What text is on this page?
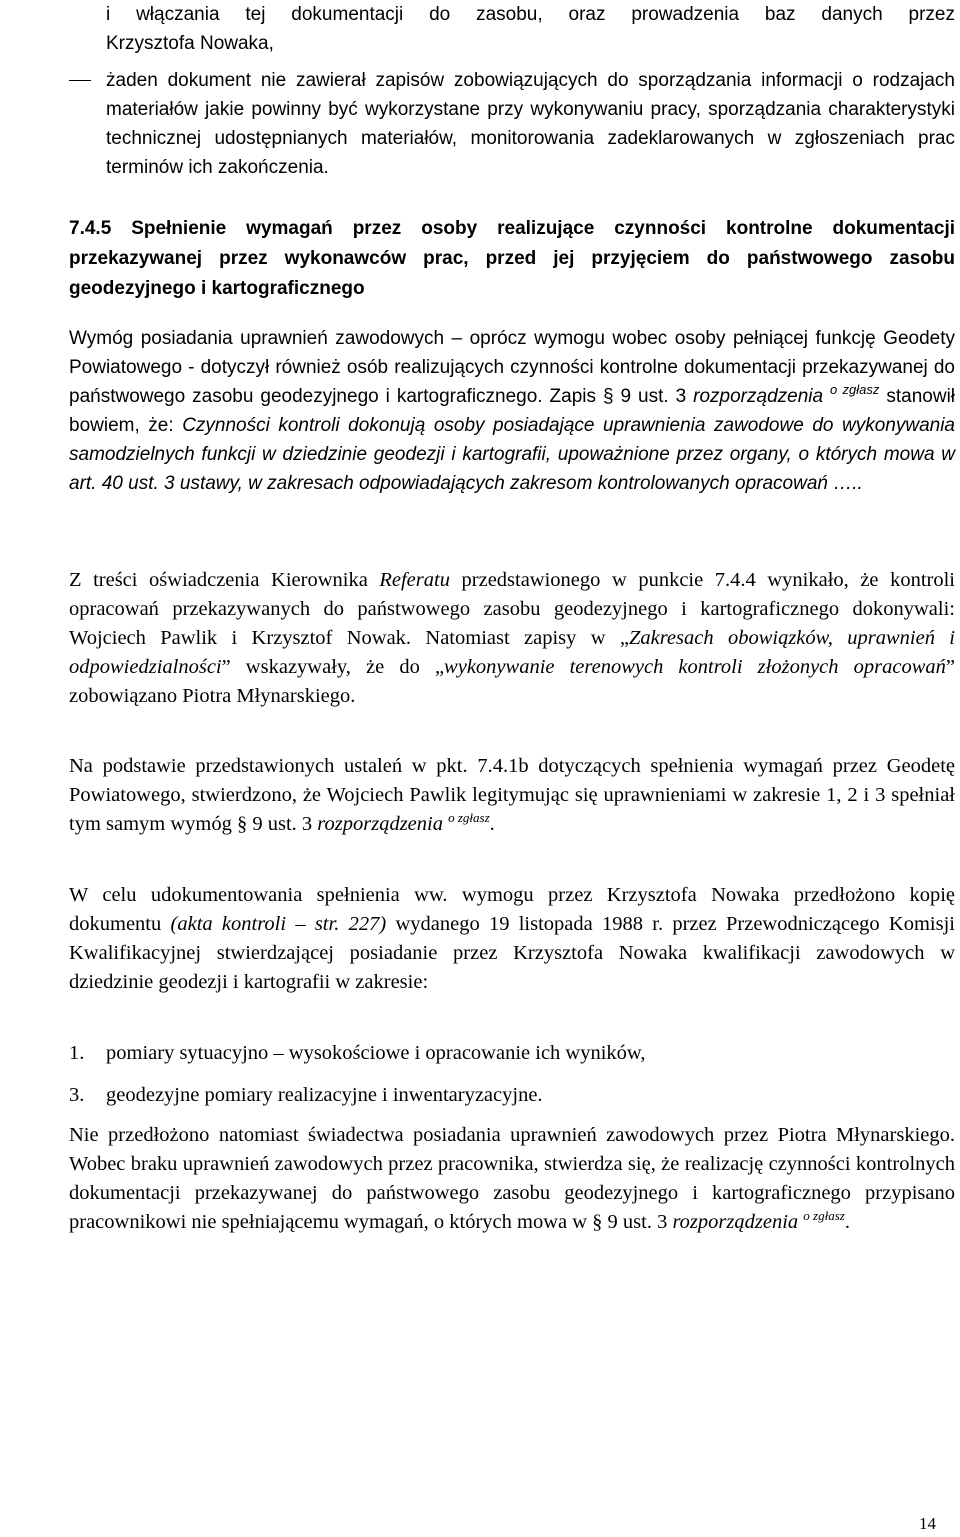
i włączania tej dokumentacji do zasobu, oraz prowadzenia baz danych przez
Krzysztofa Nowaka,

żaden dokument nie zawierał zapisów zobowiązujących do sporządzania informacji o rodzajach materiałów jakie powinny być wykorzystane przy wykonywaniu pracy, sporządzania charakterystyki technicznej udostępnianych materiałów, monitorowania zadeklarowanych w zgłoszeniach prac terminów ich zakończenia.

7.4.5 Spełnienie wymagań przez osoby realizujące czynności kontrolne dokumentacji przekazywanej przez wykonawców prac, przed jej przyjęciem do państwowego zasobu geodezyjnego i kartograficznego

Wymóg posiadania uprawnień zawodowych – oprócz wymogu wobec osoby pełniącej funkcję Geodety Powiatowego - dotyczył również osób realizujących czynności kontrolne dokumentacji przekazywanej do państwowego zasobu geodezyjnego i kartograficznego. Zapis § 9 ust. 3 rozporządzenia $^{o zgłasz}$ stanowił bowiem, że: Czynności kontroli dokonują osoby posiadające uprawnienia zawodowe do wykonywania samodzielnych funkcji w dziedzinie geodezji i kartografii, upoważnione przez organy, o których mowa w art. 40 ust. 3 ustawy, w zakresach odpowiadających zakresom kontrolowanych opracowań …..

Z treści oświadczenia Kierownika Referatu przedstawionego w punkcie 7.4.4 wynikało, że kontroli opracowań przekazywanych do państwowego zasobu geodezyjnego i kartograficznego dokonywali: Wojciech Pawlik i Krzysztof Nowak. Natomiast zapisy w „Zakresach obowiązków, uprawnień i odpowiedzialności” wskazywały, że do „wykonywanie terenowych kontroli złożonych opracowań” zobowiązano Piotra Młynarskiego.

Na podstawie przedstawionych ustaleń w pkt. 7.4.1b dotyczących spełnienia wymagań przez Geodetę Powiatowego, stwierdzono, że Wojciech Pawlik legitymując się uprawnieniami w zakresie 1, 2 i 3 spełniał tym samym wymóg § 9 ust. 3 rozporządzenia $^{o zgłasz}$.

W celu udokumentowania spełnienia ww. wymogu przez Krzysztofa Nowaka przedłożono kopię dokumentu (akta kontroli – str. 227) wydanego 19 listopada 1988 r. przez Przewodniczącego Komisji Kwalifikacyjnej stwierdzającej posiadanie przez Krzysztofa Nowaka kwalifikacji zawodowych w dziedzinie geodezji i kartografii w zakresie:

1. pomiary sytuacyjno – wysokościowe i opracowanie ich wyników,

3. geodezyjne pomiary realizacyjne i inwentaryzacyjne.

Nie przedłożono natomiast świadectwa posiadania uprawnień zawodowych przez Piotra Młynarskiego. Wobec braku uprawnień zawodowych przez pracownika, stwierdza się, że realizację czynności kontrolnych dokumentacji przekazywanej do państwowego zasobu geodezyjnego i kartograficznego przypisano pracownikowi nie spełniającemu wymagań, o których mowa w § 9 ust. 3 rozporządzenia $^{o zgłasz}$.

14
